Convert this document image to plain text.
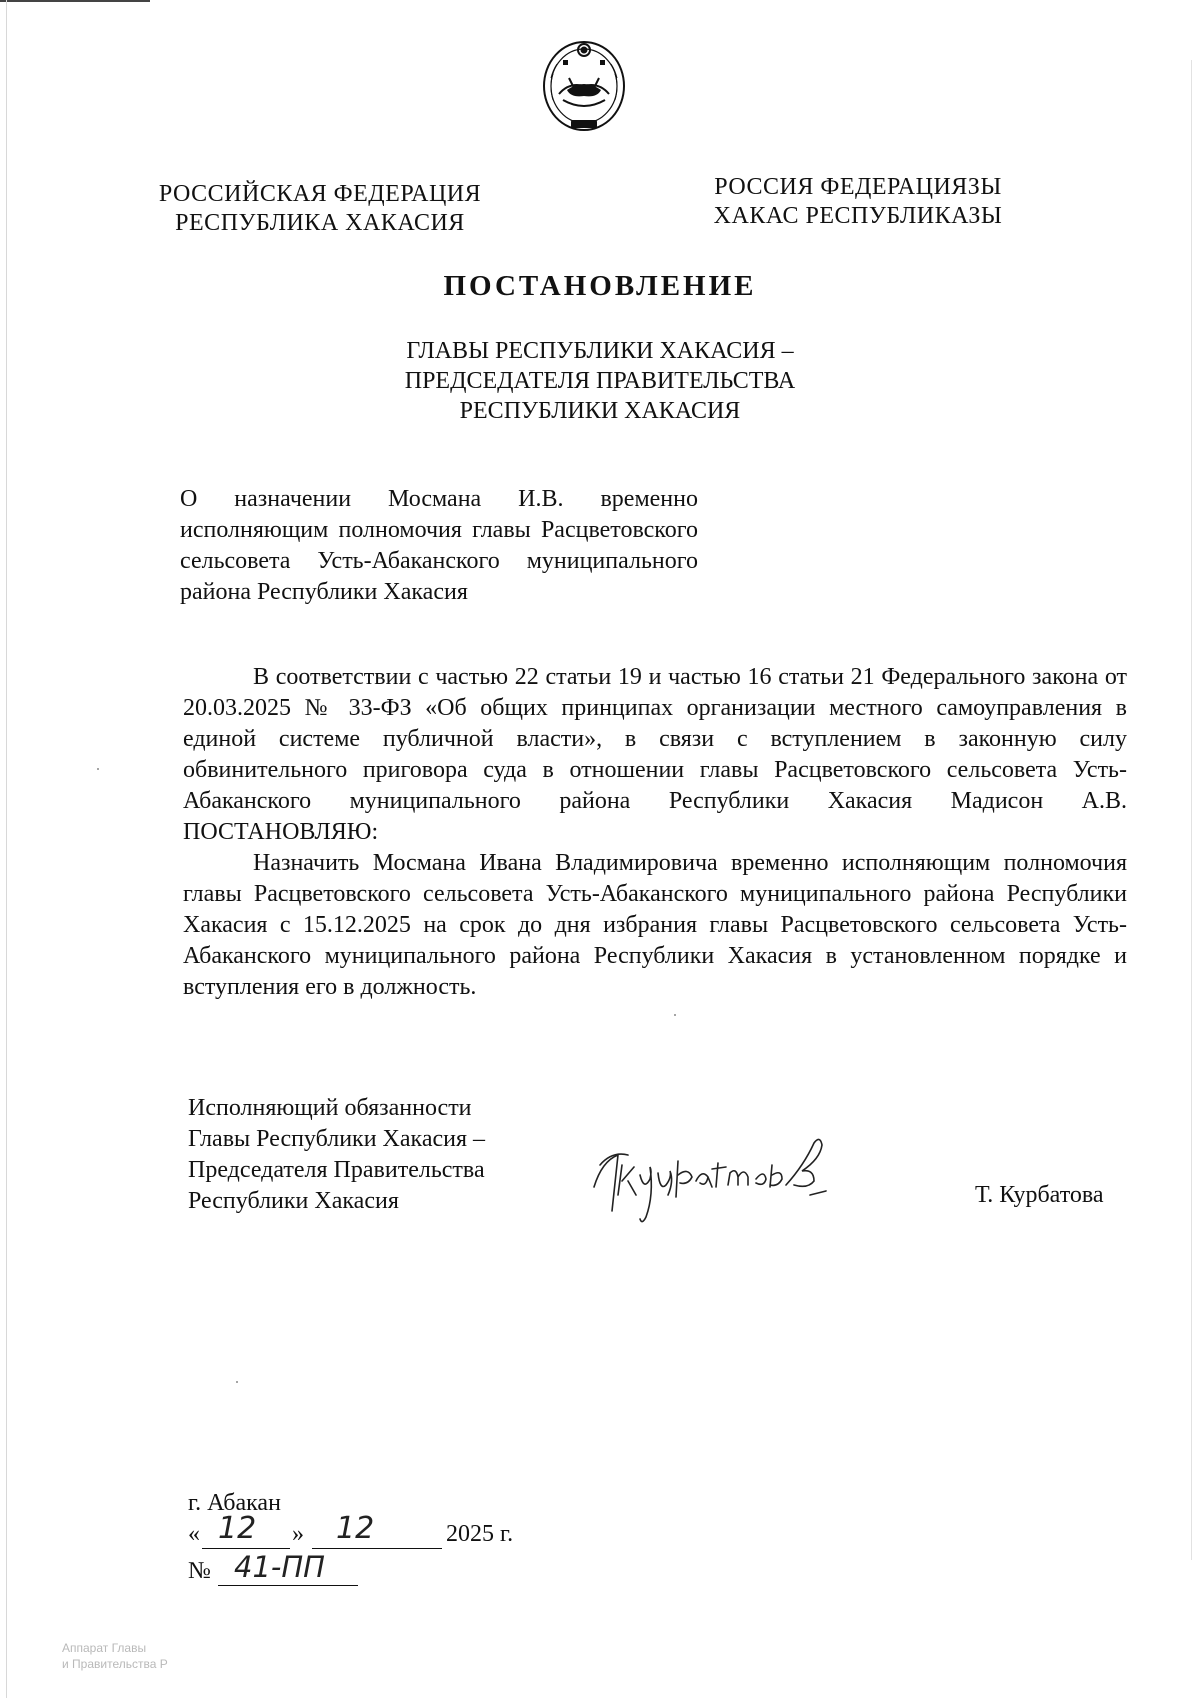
РОССИЙСКАЯ ФЕДЕРАЦИЯ
РЕСПУБЛИКА ХАКАСИЯ
РОССИЯ ФЕДЕРАЦИЯЗЫ
ХАКАС РЕСПУБЛИКАЗЫ
ПОСТАНОВЛЕНИЕ
ГЛАВЫ РЕСПУБЛИКИ ХАКАСИЯ –
ПРЕДСЕДАТЕЛЯ ПРАВИТЕЛЬСТВА
РЕСПУБЛИКИ ХАКАСИЯ
О назначении Мосмана И.В. временно исполняющим полномочия главы Расцветовского сельсовета Усть-Абаканского муниципального района Республики Хакасия

В соответствии с частью 22 статьи 19 и частью 16 статьи 21 Федерального закона от 20.03.2025 № 33-ФЗ «Об общих принципах организации местного самоуправления в единой системе публичной власти», в связи с вступлением в законную силу обвинительного приговора суда в отношении главы Расцветовского сельсовета Усть-Абаканского муниципального района Республики Хакасия Мадисон А.В. ПОСТАНОВЛЯЮ:

Назначить Мосмана Ивана Владимировича временно исполняющим полномочия главы Расцветовского сельсовета Усть-Абаканского муниципального района Республики Хакасия с 15.12.2025 на срок до дня избрания главы Расцветовского сельсовета Усть-Абаканского муниципального района Республики Хакасия в установленном порядке и вступления его в должность.

Исполняющий обязанности
Главы Республики Хакасия –
Председателя Правительства
Республики Хакасия	Т. Курбатова
г. Абакан
« 12 » 12	2025 г.
№ 41-ПП
Аппарат Главы
и Правительства Р
